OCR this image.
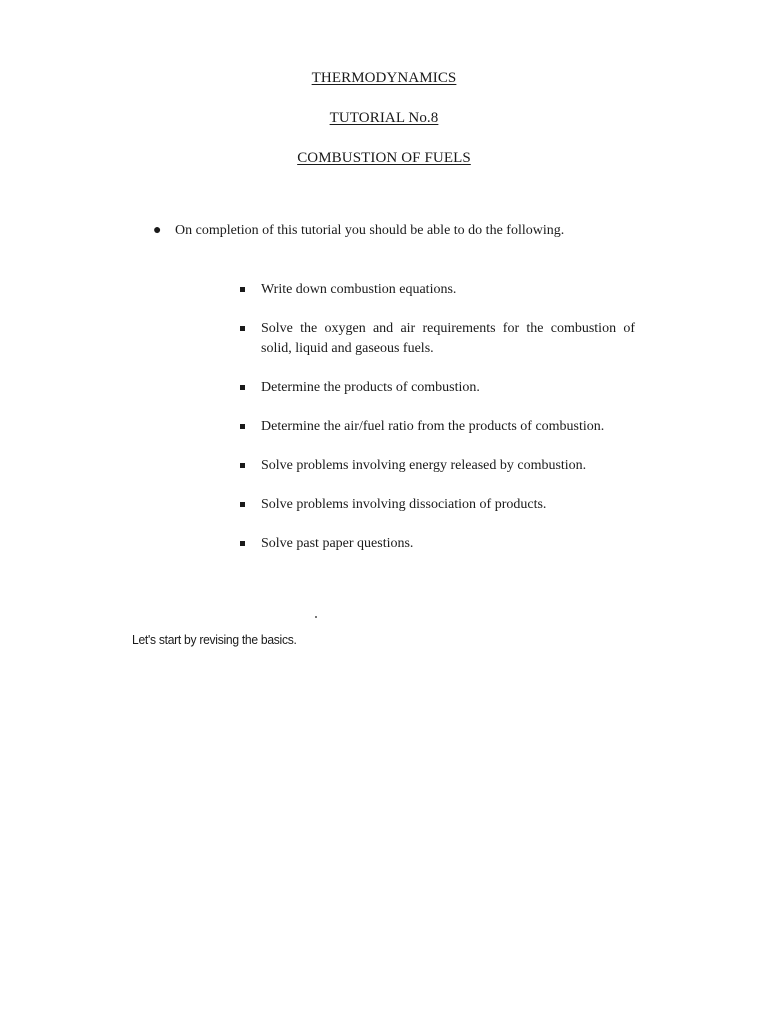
THERMODYNAMICS
TUTORIAL No.8
COMBUSTION OF FUELS
● On completion of this tutorial you should be able to do the following.
Write down combustion equations.
Solve the oxygen and air requirements for the combustion of solid, liquid and gaseous fuels.
Determine the products of combustion.
Determine the air/fuel ratio from the products of combustion.
Solve problems involving energy released by combustion.
Solve problems involving dissociation of products.
Solve past paper questions.
Let's start by revising the basics.
